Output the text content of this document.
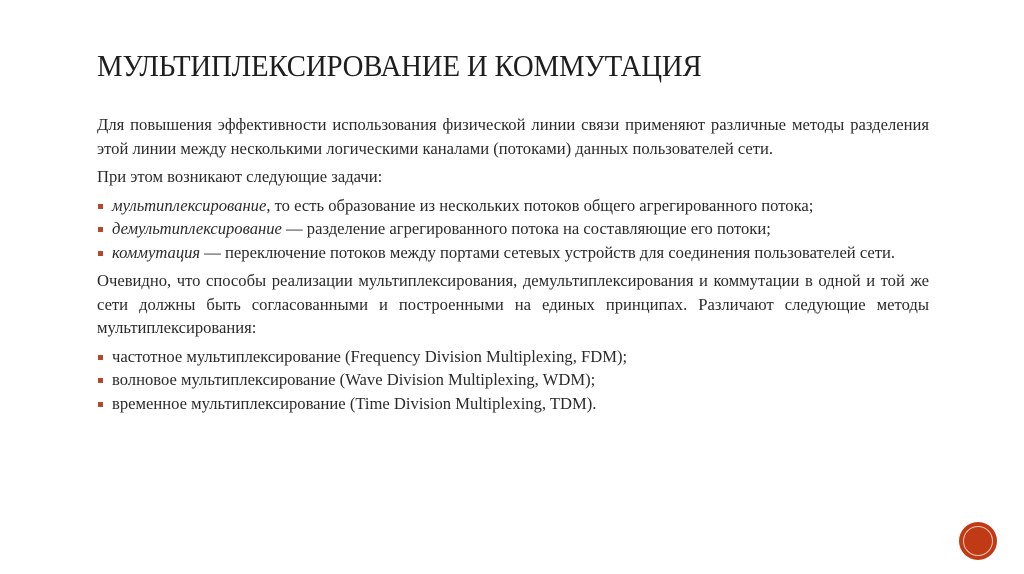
МУЛЬТИПЛЕКСИРОВАНИЕ И КОММУТАЦИЯ

Для повышения эффективности использования физической линии связи применяют различные методы разделения этой линии между несколькими логическими каналами (потоками) данных пользователей сети.

При этом возникают следующие задачи:

мультиплексирование, то есть образование из нескольких потоков общего агрегированного потока;
демультиплексирование — разделение агрегированного потока на составляющие его потоки;
коммутация — переключение потоков между портами сетевых устройств для соединения пользователей сети.

Очевидно, что способы реализации мультиплексирования, демультиплексирования и коммутации в одной и той же сети должны быть согласованными и построенными на единых принципах. Различают следующие методы мультиплексирования:

частотное мультиплексирование (Frequency Division Multiplexing, FDM);
волновое мультиплексирование (Wave Division Multiplexing, WDM);
временное мультиплексирование (Time Division Multiplexing, TDM).
